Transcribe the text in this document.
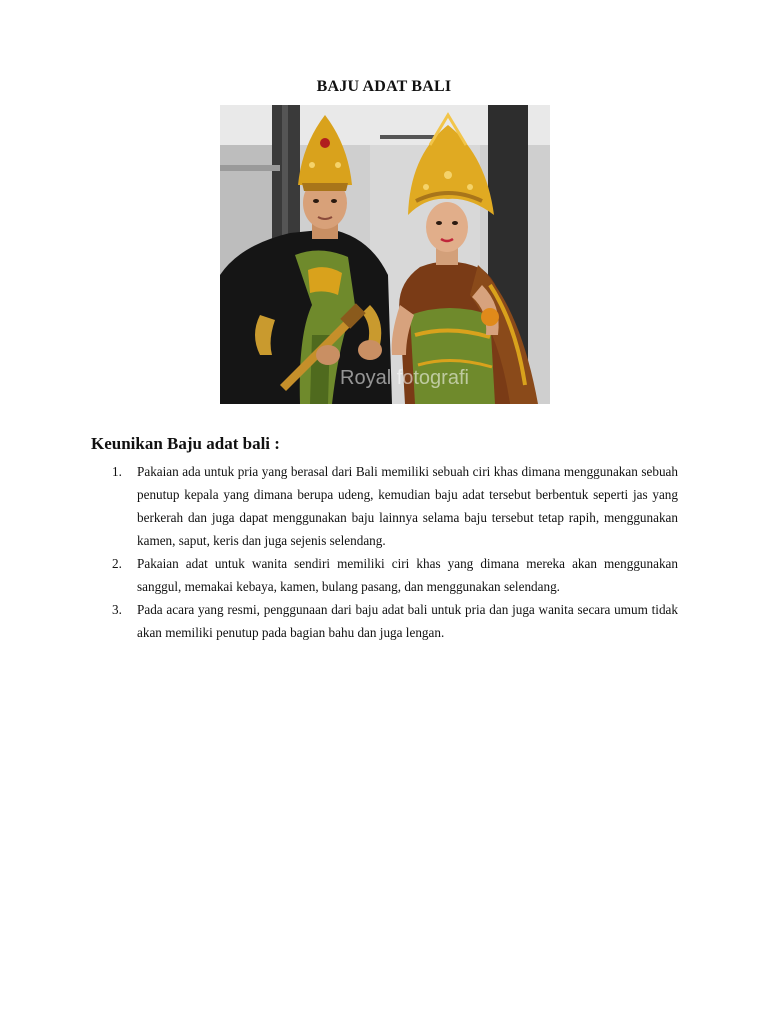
BAJU ADAT BALI
Royal fotografi
Keunikan Baju adat bali :
1. Pakaian ada untuk pria yang berasal dari Bali memiliki sebuah ciri khas dimana menggunakan sebuah penutup kepala yang dimana berupa udeng, kemudian baju adat tersebut berbentuk seperti jas yang berkerah dan juga dapat menggunakan baju lainnya selama baju tersebut tetap rapih, menggunakan kamen, saput, keris dan juga sejenis selendang.
2. Pakaian adat untuk wanita sendiri memiliki ciri khas yang dimana mereka akan menggunakan sanggul, memakai kebaya, kamen, bulang pasang, dan menggunakan selendang.
3. Pada acara yang resmi, penggunaan dari baju adat bali untuk pria dan juga wanita secara umum tidak akan memiliki penutup pada bagian bahu dan juga lengan.
